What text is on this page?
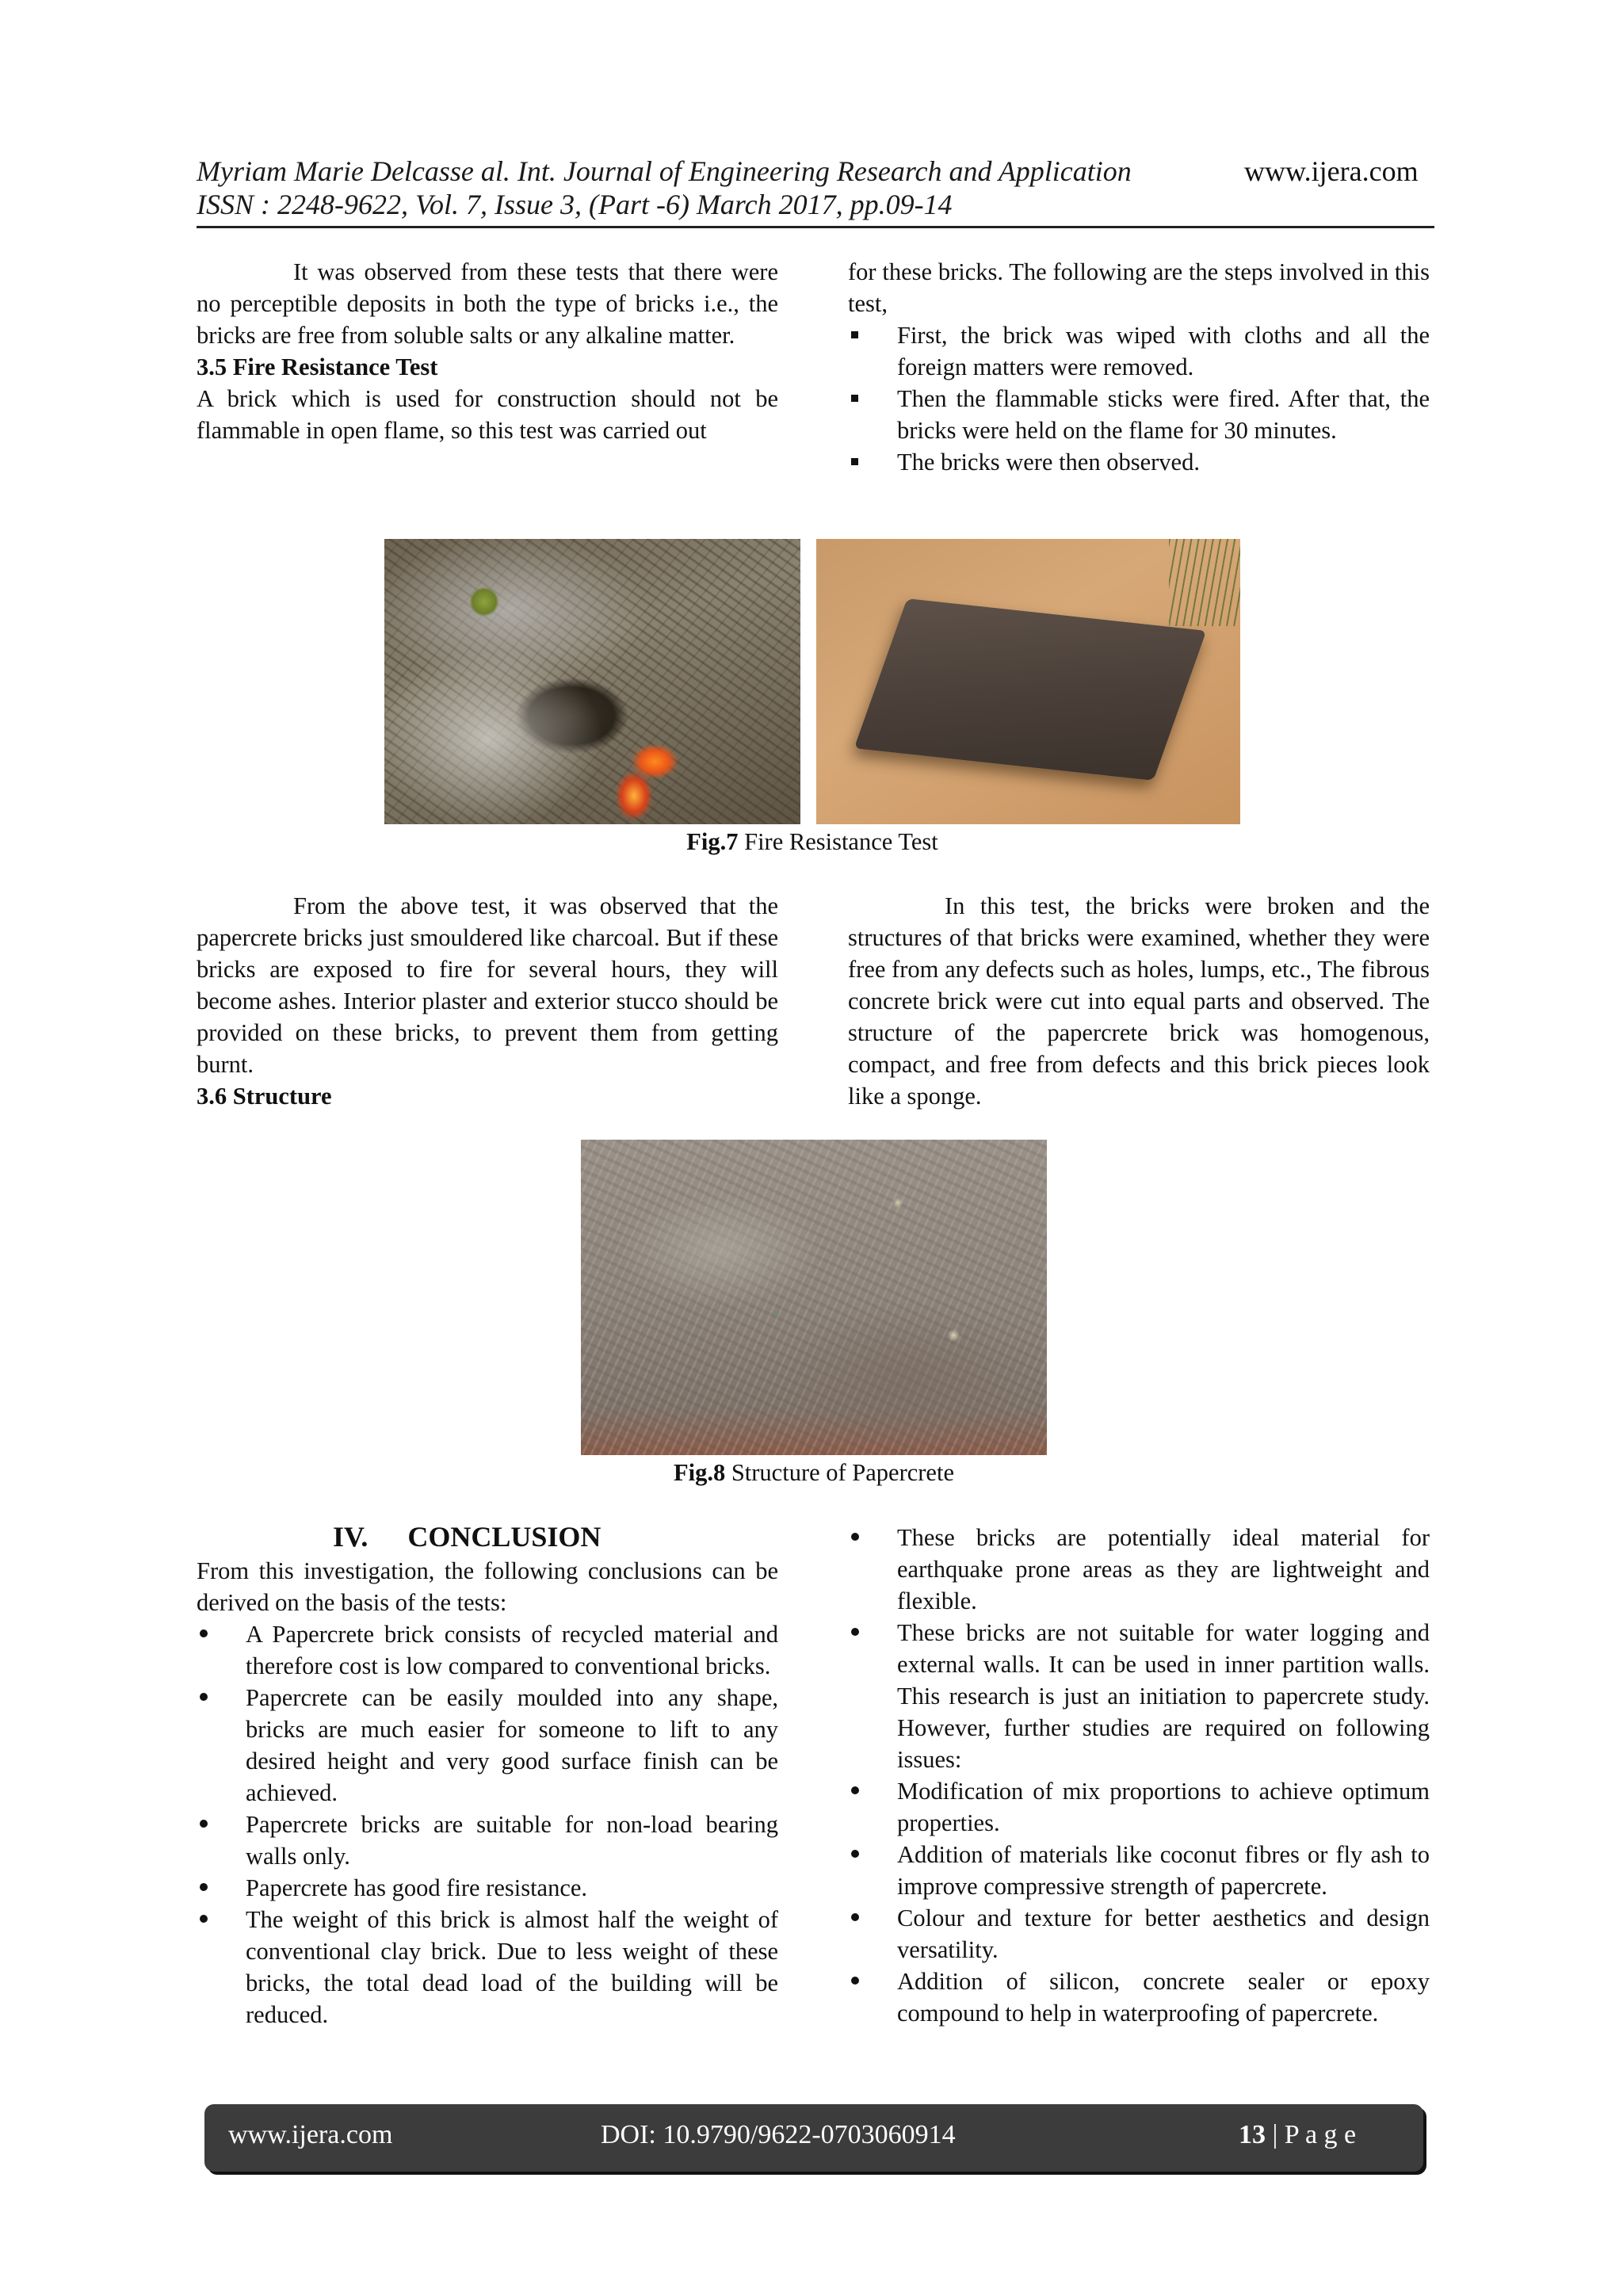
Myriam Marie Delcasse al. Int. Journal of Engineering Research and Application
ISSN : 2248-9622, Vol. 7, Issue 3, (Part -6) March 2017, pp.09-14
www.ijera.com

It was observed from these tests that there were no perceptible deposits in both the type of bricks i.e., the bricks are free from soluble salts or any alkaline matter.

3.5 Fire Resistance Test

A brick which is used for construction should not be flammable in open flame, so this test was carried out

for these bricks. The following are the steps involved in this test,

First, the brick was wiped with cloths and all the foreign matters were removed.
Then the flammable sticks were fired. After that, the bricks were held on the flame for 30 minutes.
The bricks were then observed.
Fig.7 Fire Resistance Test

From the above test, it was observed that the papercrete bricks just smouldered like charcoal. But if these bricks are exposed to fire for several hours, they will become ashes. Interior plaster and exterior stucco should be provided on these bricks, to prevent them from getting burnt.

3.6 Structure

In this test, the bricks were broken and the structures of that bricks were examined, whether they were free from any defects such as holes, lumps, etc., The fibrous concrete brick were cut into equal parts and observed. The structure of the papercrete brick was homogenous, compact, and free from defects and this brick pieces look like a sponge.

Fig.8 Structure of Papercrete
IV. CONCLUSION

From this investigation, the following conclusions can be derived on the basis of the tests:

A Papercrete brick consists of recycled material and therefore cost is low compared to conventional bricks.
Papercrete can be easily moulded into any shape, bricks are much easier for someone to lift to any desired height and very good surface finish can be achieved.
Papercrete bricks are suitable for non-load bearing walls only.
Papercrete has good fire resistance.
The weight of this brick is almost half the weight of conventional clay brick. Due to less weight of these bricks, the total dead load of the building will be reduced.
These bricks are potentially ideal material for earthquake prone areas as they are lightweight and flexible.
These bricks are not suitable for water logging and external walls. It can be used in inner partition walls. This research is just an initiation to papercrete study. However, further studies are required on following issues:
Modification of mix proportions to achieve optimum properties.
Addition of materials like coconut fibres or fly ash to improve compressive strength of papercrete.
Colour and texture for better aesthetics and design versatility.
Addition of silicon, concrete sealer or epoxy compound to help in waterproofing of papercrete.
www.ijera.com	DOI: 10.9790/9622-0703060914	13 | P a g e
